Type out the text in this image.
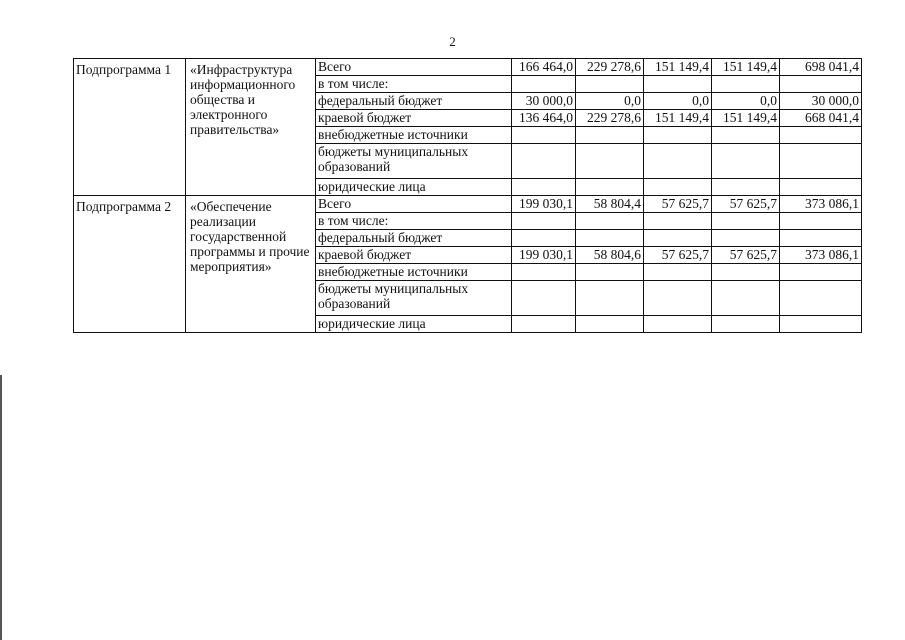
2
Подпрограмма 1	«Инфраструктура информационного общества и электронного правительства»	Всего	166 464,0	229 278,6	151 149,4	151 149,4	698 041,4
		в том числе:					
		федеральный бюджет	30 000,0	0,0	0,0	0,0	30 000,0
		краевой бюджет	136 464,0	229 278,6	151 149,4	151 149,4	668 041,4
		внебюджетные источники					
		бюджеты муниципальных образований					
		юридические лица					
Подпрограмма 2	«Обеспечение реализации государственной программы и прочие мероприятия»	Всего	199 030,1	58 804,4	57 625,7	57 625,7	373 086,1
		в том числе:					
		федеральный бюджет					
		краевой бюджет	199 030,1	58 804,6	57 625,7	57 625,7	373 086,1
		внебюджетные источники					
		бюджеты муниципальных образований					
		юридические лица					
